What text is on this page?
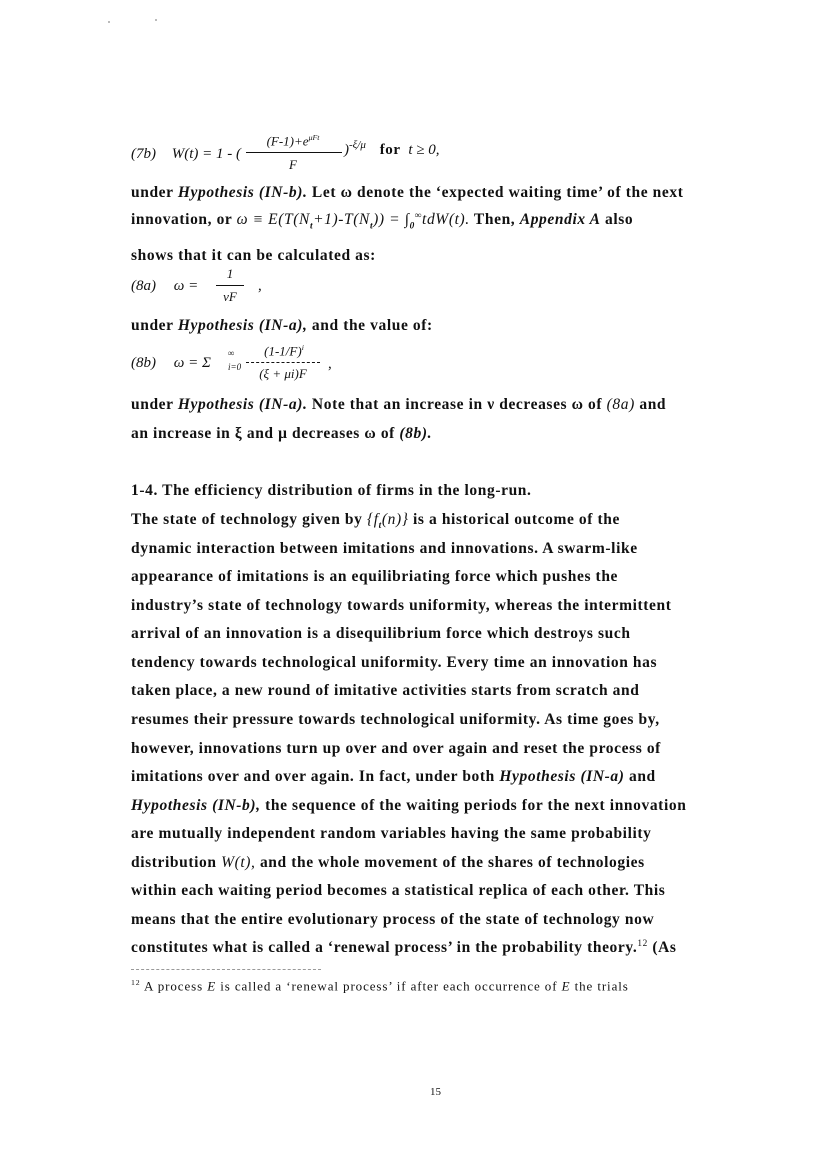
(7b) W(t) = 1 - (
$(F-1)+e^{\mu Ft}$
F
)$^{-\xi/\mu}$ for t ≥ 0,
under Hypothesis (IN-b). Let ω denote the ‘expected waiting time’ of the next
innovation, or $\omega \equiv E(T(N_t+1)-T(N_t)) = \int_0^\infty tdW(t)$. Then, Appendix A also
shows that it can be calculated as:
(8a) ω =
1
νF
,
under Hypothesis (IN-a), and the value of:
(8b) ω = Σ
∞
i=0
$(1-1/F)^i$
(ξ + μi)F
,
under Hypothesis (IN-a). Note that an increase in ν decreases ω of (8a) and
an increase in ξ and μ decreases ω of (8b).
1-4. The efficiency distribution of firms in the long-run.
The state of technology given by $\{f_t(n)\}$ is a historical outcome of the
dynamic interaction between imitations and innovations. A swarm-like
appearance of imitations is an equilibriating force which pushes the
industry’s state of technology towards uniformity, whereas the intermittent
arrival of an innovation is a disequilibrium force which destroys such
tendency towards technological uniformity. Every time an innovation has
taken place, a new round of imitative activities starts from scratch and
resumes their pressure towards technological uniformity. As time goes by,
however, innovations turn up over and over again and reset the process of
imitations over and over again. In fact, under both Hypothesis (IN-a) and
Hypothesis (IN-b), the sequence of the waiting periods for the next innovation
are mutually independent random variables having the same probability
distribution W(t), and the whole movement of the shares of technologies
within each waiting period becomes a statistical replica of each other. This
means that the entire evolutionary process of the state of technology now
constitutes what is called a ‘renewal process’ in the probability theory.$^{12}$ (As
$^{12}$ A process E is called a ‘renewal process’ if after each occurrence of E the trials
15
